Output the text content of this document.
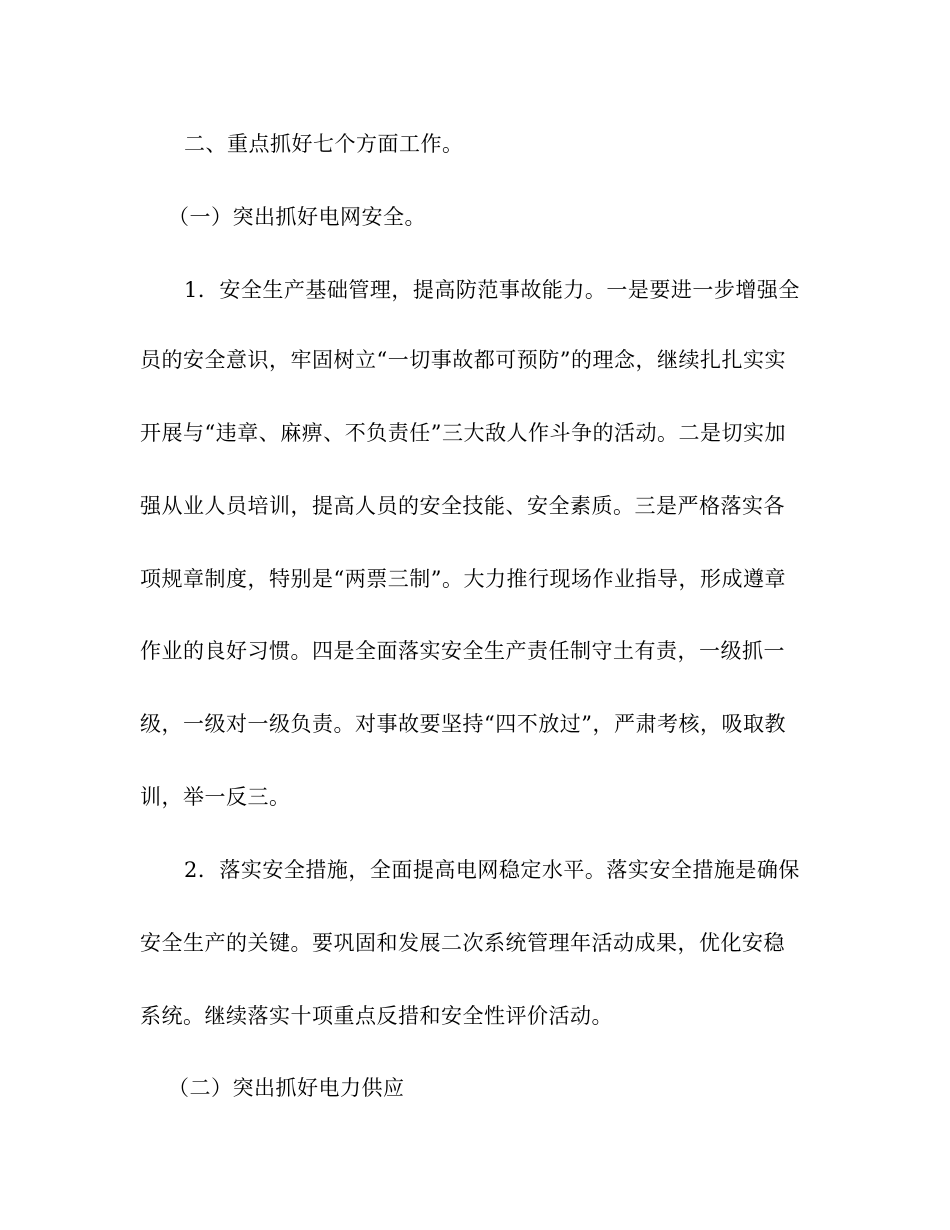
二、重点抓好七个方面工作。
（一）突出抓好电网安全。
1．安全生产基础管理，提高防范事故能力。一是要进一步增强全
员的安全意识，牢固树立“一切事故都可预防”的理念，继续扎扎实实
开展与“违章、麻痹、不负责任”三大敌人作斗争的活动。二是切实加
强从业人员培训，提高人员的安全技能、安全素质。三是严格落实各
项规章制度，特别是“两票三制”。大力推行现场作业指导，形成遵章
作业的良好习惯。四是全面落实安全生产责任制守土有责，一级抓一
级，一级对一级负责。对事故要坚持“四不放过”，严肃考核，吸取教
训，举一反三。
2．落实安全措施，全面提高电网稳定水平。落实安全措施是确保
安全生产的关键。要巩固和发展二次系统管理年活动成果，优化安稳
系统。继续落实十项重点反措和安全性评价活动。
（二）突出抓好电力供应
